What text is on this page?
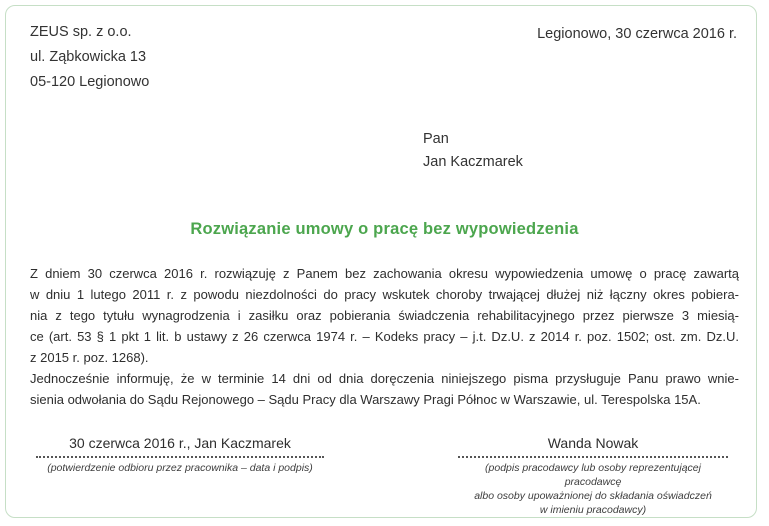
ZEUS sp. z o.o.
ul. Ząbkowicka 13
05-120 Legionowo
Legionowo, 30 czerwca 2016 r.
Pan
Jan Kaczmarek
Rozwiązanie umowy o pracę bez wypowiedzenia
Z dniem 30 czerwca 2016 r. rozwiązuję z Panem bez zachowania okresu wypowiedzenia umowę o pracę zawartą
w dniu 1 lutego 2011 r. z powodu niezdolności do pracy wskutek choroby trwającej dłużej niż łączny okres pobiera-
nia z tego tytułu wynagrodzenia i zasiłku oraz pobierania świadczenia rehabilitacyjnego przez pierwsze 3 miesią-
ce (art. 53 § 1 pkt 1 lit. b ustawy z 26 czerwca 1974 r. – Kodeks pracy – j.t. Dz.U. z 2014 r. poz. 1502; ost. zm. Dz.U.
z 2015 r. poz. 1268).
Jednocześnie informuję, że w terminie 14 dni od dnia doręczenia niniejszego pisma przysługuje Panu prawo wnie-
sienia odwołania do Sądu Rejonowego – Sądu Pracy dla Warszawy Pragi Północ w Warszawie, ul. Terespolska 15A.
30 czerwca 2016 r., Jan Kaczmarek
(potwierdzenie odbioru przez pracownika – data i podpis)
Wanda Nowak
(podpis pracodawcy lub osoby reprezentującej pracodawcę
albo osoby upoważnionej do składania oświadczeń
w imieniu pracodawcy)
